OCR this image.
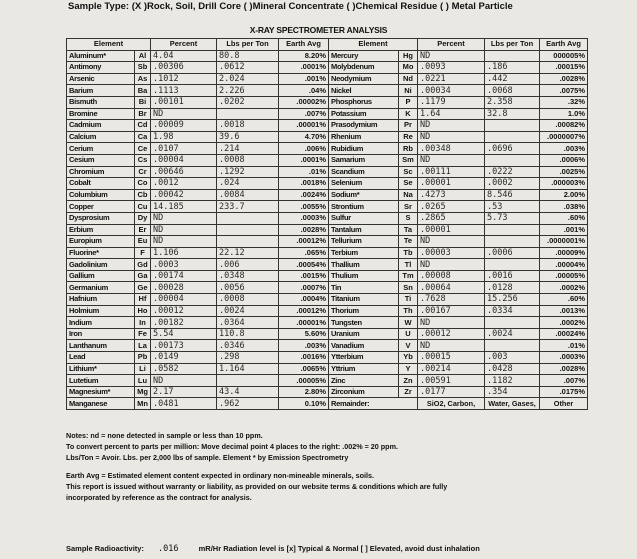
Sample Type: (X )Rock, Soil, Drill Core ( )Mineral Concentrate ( )Chemical Residue ( ) Metal Particle
X-RAY SPECTROMETER ANALYSIS
Element		Percent	Lbs per Ton	Earth Avg	Element		Percent	Lbs per Ton	Earth Avg
Aluminum*	Al	4.04	80.8	8.20%	Mercury	Hg	ND		000005%
Antimony	Sb	.00306	.0612	.0001%	Molybdenum	Mo	.0093	.186	.00015%
Arsenic	As	.1012	2.024	.001%	Neodymium	Nd	.0221	.442	.0028%
Barium	Ba	.1113	2.226	.04%	Nickel	Ni	.00034	.0068	.0075%
Bismuth	Bi	.00101	.0202	.00002%	Phosphorus	P	.1179	2.358	.32%
Bromine	Br	ND		.007%	Potassium	K	1.64	32.8	1.0%
Cadmium	Cd	.00009	.0018	.00001%	Prasodymium	Pr	ND		.00082%
Calcium	Ca	1.98	39.6	4.70%	Rhenium	Re	ND		.0000007%
Cerium	Ce	.0107	.214	.006%	Rubidium	Rb	.00348	.0696	.003%
Cesium	Cs	.00004	.0008	.0001%	Samarium	Sm	ND		.0006%
Chromium	Cr	.00646	.1292	.01%	Scandium	Sc	.00111	.0222	.0025%
Cobalt	Co	.0012	.024	.0018%	Selenium	Se	.00001	.0002	.000003%
Columbium	Cb	.00042	.0084	.0024%	Sodium*	Na	.4273	8.546	2.00%
Copper	Cu	14.185	233.7	.0055%	Strontium	Sr	.0265	.53	.038%
Dysprosium	Dy	ND		.0003%	Sulfur	S	.2865	5.73	.60%
Erbium	Er	ND		.0028%	Tantalum	Ta	.00001		.001%
Europium	Eu	ND		.00012%	Tellurium	Te	ND		.0000001%
Fluorine*	F	1.106	22.12	.065%	Terbium	Tb	.00003	.0006	.00009%
Gadolinium	Gd	.0003	.006	.00054%	Thallium	Tl	ND		.00004%
Gallium	Ga	.00174	.0348	.0015%	Thulium	Tm	.00008	.0016	.00005%
Germanium	Ge	.00028	.0056	.0007%	Tin	Sn	.00064	.0128	.0002%
Hafnium	Hf	.00004	.0008	.0004%	Titanium	Ti	.7628	15.256	.60%
Holmium	Ho	.00012	.0024	.00012%	Thorium	Th	.00167	.0334	.0013%
Indium	In	.00182	.0364	.00001%	Tungsten	W	ND		.0002%
Iron	Fe	5.54	110.8	5.60%	Uranium	U	.00012	.0024	.00024%
Lanthanum	La	.00173	.0346	.003%	Vanadium	V	ND		.01%
Lead	Pb	.0149	.298	.0016%	Ytterbium	Yb	.00015	.003	.0003%
Lithium*	Li	.0582	1.164	.0065%	Yttrium	Y	.00214	.0428	.0028%
Lutetium	Lu	ND		.00005%	Zinc	Zn	.00591	.1182	.007%
Magnesium*	Mg	2.17	43.4	2.80%	Zirconium	Zr	.0177	.354	.0175%
Manganese	Mn	.0481	.962	0.10%	Remainder:		SiO2, Carbon,	Water, Gases,	Other
Notes: nd = none detected in sample or less than 10 ppm.
To convert percent to parts per million: Move decimal point 4 places to the right: .002% = 20 ppm.
Lbs/Ton = Avoir. Lbs. per 2,000 lbs of sample. Element * by Emission Spectrometry
Earth Avg = Estimated element content expected in ordinary non-mineable minerals, soils.
This report is issued without warranty or liability, as provided on our website terms & conditions which are fully
incorporated by reference as the contract for analysis.
Sample Radioactivity: .016	mR/Hr Radiation level is [x] Typical & Normal [ ] Elevated, avoid dust inhalation
